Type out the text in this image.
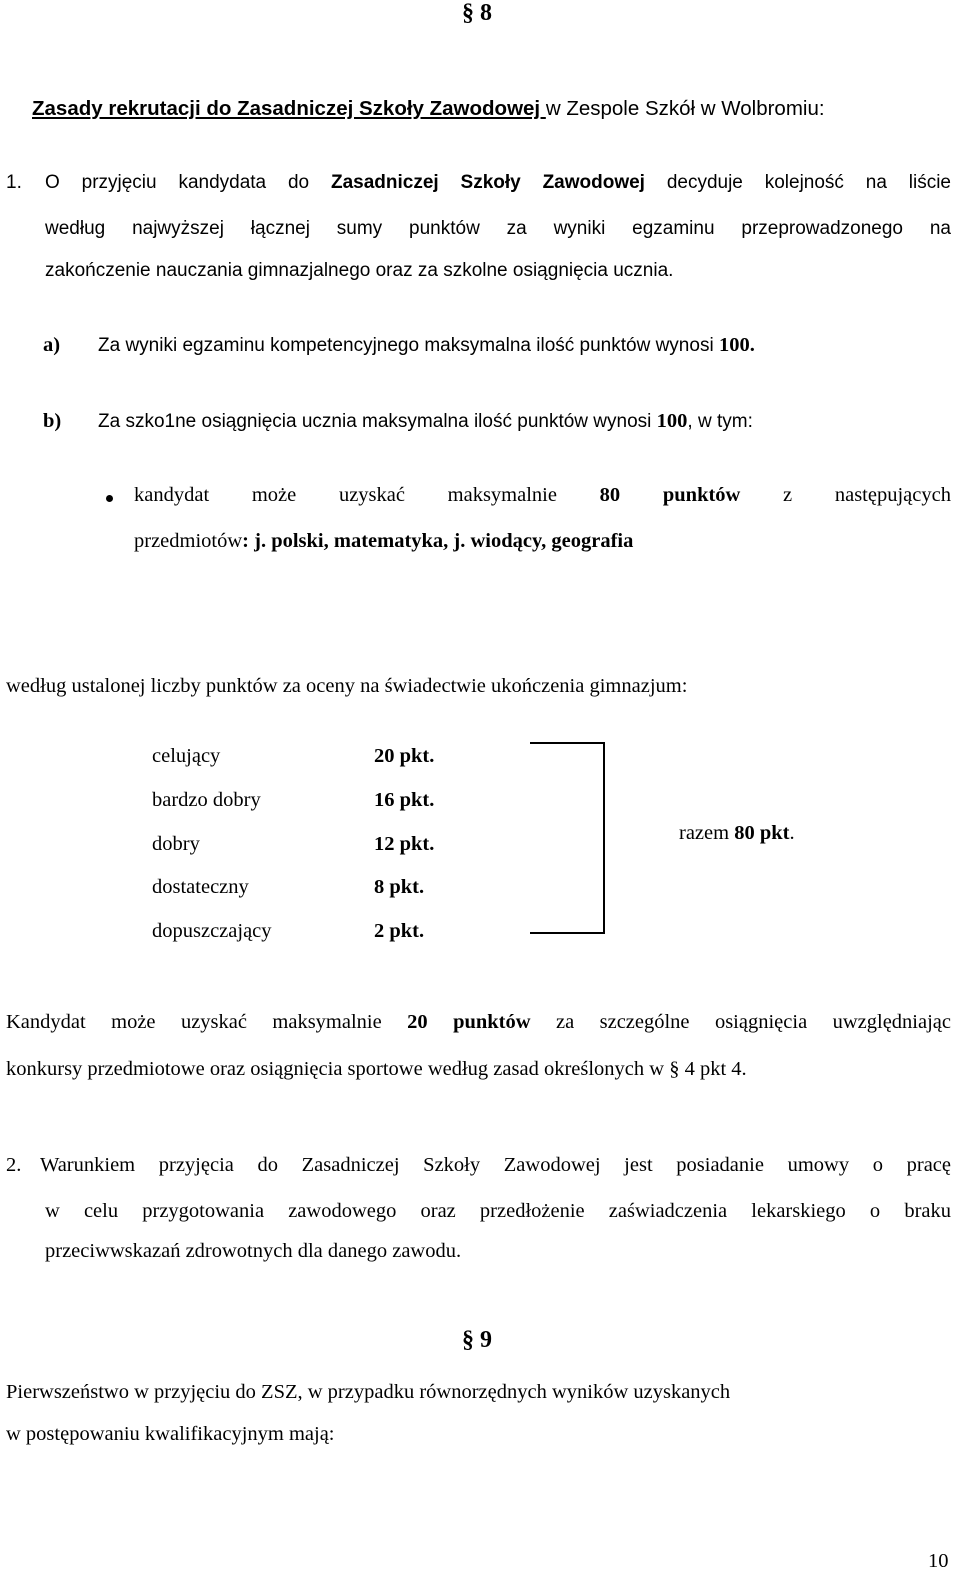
§ 8
Zasady rekrutacji do Zasadniczej Szkoły Zawodowej w Zespole Szkół w Wolbromiu:
1. O przyjęciu kandydata do Zasadniczej Szkoły Zawodowej decyduje kolejność na liście
według najwyższej łącznej sumy punktów za wyniki egzaminu przeprowadzonego na
zakończenie nauczania gimnazjalnego oraz za szkolne osiągnięcia ucznia.
a) Za wyniki egzaminu kompetencyjnego maksymalna ilość punktów wynosi 100.
b) Za szko1ne osiągnięcia ucznia maksymalna ilość punktów wynosi 100, w tym:
kandydat może uzyskać maksymalnie 80 punktów z następujących
przedmiotów: j. polski, matematyka, j. wiodący, geografia
według ustalonej liczby punktów za oceny na świadectwie ukończenia gimnazjum:
celujący	20 pkt.
bardzo dobry	16 pkt.
dobry	12 pkt.
dostateczny	8 pkt.
dopuszczający	2 pkt.
razem 80 pkt.
Kandydat może uzyskać maksymalnie 20 punktów za szczególne osiągnięcia uwzględniając
konkursy przedmiotowe oraz osiągnięcia sportowe według zasad określonych w § 4 pkt 4.
2. Warunkiem przyjęcia do Zasadniczej Szkoły Zawodowej jest posiadanie umowy o pracę
w celu przygotowania zawodowego oraz przedłożenie zaświadczenia lekarskiego o braku
przeciwwskazań zdrowotnych dla danego zawodu.
§ 9
Pierwszeństwo w przyjęciu do ZSZ, w przypadku równorzędnych wyników uzyskanych
w postępowaniu kwalifikacyjnym mają:
10
